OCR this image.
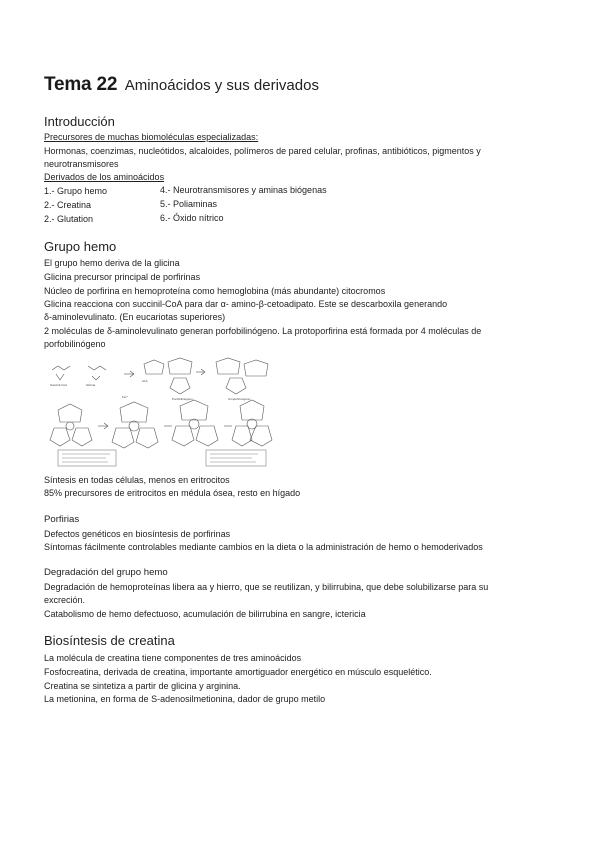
Tema 22 Aminoácidos y sus derivados
Introducción
Precursores de muchas biomoléculas especializadas:
Hormonas, coenzimas, nucleótidos, alcaloides, polímeros de pared celular, profinas, antibióticos, pigmentos y
neurotransmisores
Derivados de los aminoácidos
1.- Grupo hemo	4.- Neurotransmisores y aminas biógenas
2.- Creatina	5.- Poliaminas
2.- Glutation	6.- Óxido nítrico
Grupo hemo
El grupo hemo deriva de la glicina
Glicina precursor principal de porfirinas
Núcleo de porfirina en hemoproteína como hemoglobina (más abundante) citocromos
Glicina reacciona con succinil-CoA para dar α- amino-β-cetoadipato. Este se descarboxila generando
δ-aminolevulinato. (En eucariotas superiores)
2 moléculas de δ-aminolevulinato generan porfobilinógeno. La protoporfirina está formada por 4 moléculas de
porfobilinógeno
Succinil-CoA	Glicina
ALA
Porfobilinógeno	Uroporfirinógeno
Fe²⁺
Síntesis en todas células, menos en eritrocitos
85% precursores de eritrocitos en médula ósea, resto en hígado
Porfirias
Defectos genéticos en biosíntesis de porfirinas
Síntomas fácilmente controlables mediante cambios en la dieta o la administración de hemo o hemoderivados
Degradación del grupo hemo
Degradación de hemoproteínas libera aa y hierro, que se reutilizan, y bilirrubina, que debe solubilizarse para su
excreción.
Catabolismo de hemo defectuoso, acumulación de bilirrubina en sangre, ictericia
Biosíntesis de creatina
La molécula de creatina tiene componentes de tres aminoácidos
Fosfocreatina, derivada de creatina, importante amortiguador energético en músculo esquelético.
Creatina se sintetiza a partir de glicina y arginina.
La metionina, en forma de S-adenosilmetionina, dador de grupo metilo
